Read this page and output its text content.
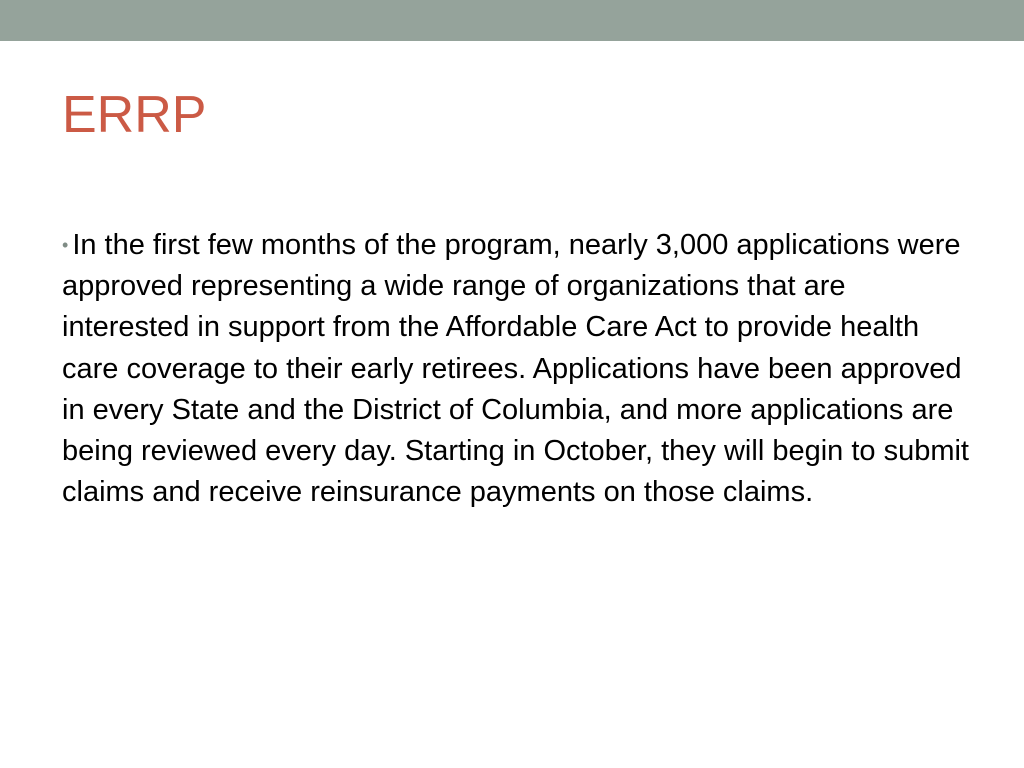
ERRP
• In the first few months of the program, nearly 3,000 applications were approved representing a wide range of organizations that are interested in support from the Affordable Care Act to provide health care coverage to their early retirees. Applications have been approved in every State and the District of Columbia, and more applications are being reviewed every day. Starting in October, they will begin to submit claims and receive reinsurance payments on those claims.
